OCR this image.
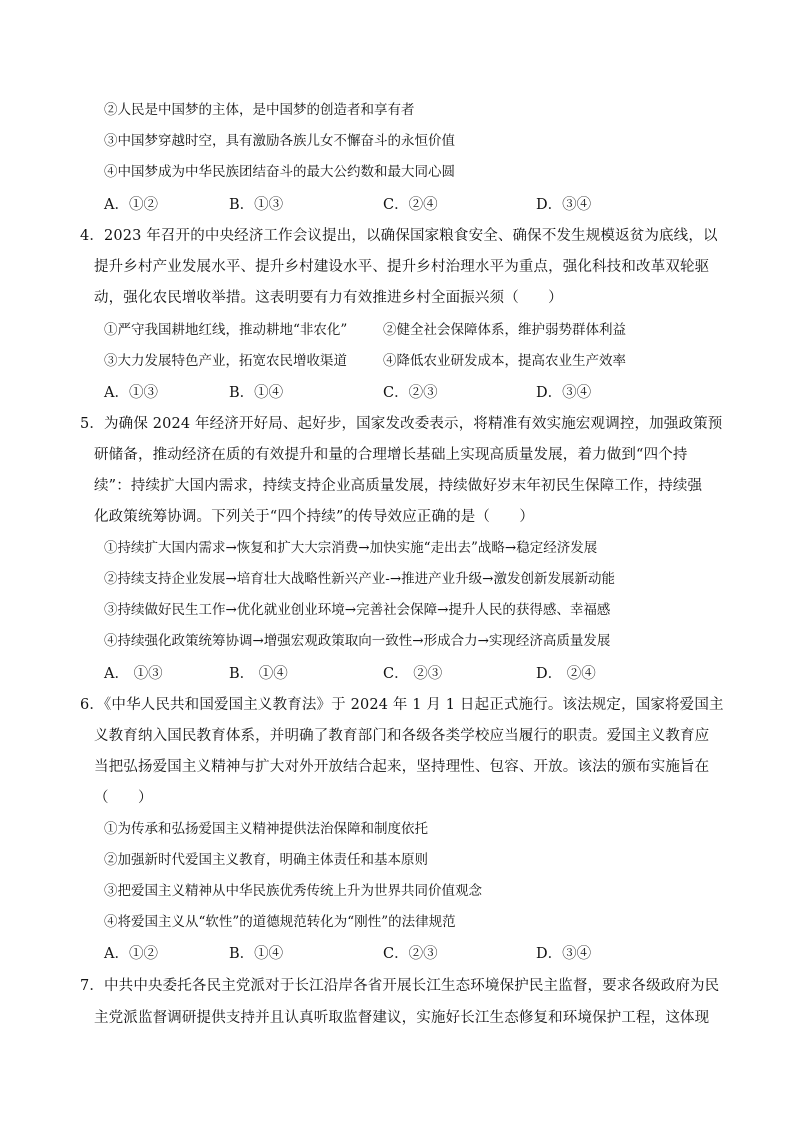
②人民是中国梦的主体，是中国梦的创造者和享有者
③中国梦穿越时空，具有激励各族儿女不懈奋斗的永恒价值
④中国梦成为中华民族团结奋斗的最大公约数和最大同心圆
A．①②	B．①③	C．②④	D．③④
4．2023 年召开的中央经济工作会议提出，以确保国家粮食安全、确保不发生规模返贫为底线，以
提升乡村产业发展水平、提升乡村建设水平、提升乡村治理水平为重点，强化科技和改革双轮驱
动，强化农民增收举措。这表明要有力有效推进乡村全面振兴须（　　）
①严守我国耕地红线，推动耕地“非农化”	②健全社会保障体系，维护弱势群体利益
③大力发展特色产业，拓宽农民增收渠道	④降低农业研发成本，提高农业生产效率
A．①③	B．①④	C．②③	D．③④
5．为确保 2024 年经济开好局、起好步，国家发改委表示，将精准有效实施宏观调控，加强政策预
研储备，推动经济在质的有效提升和量的合理增长基础上实现高质量发展，着力做到“四个持
续”：持续扩大国内需求，持续支持企业高质量发展，持续做好岁末年初民生保障工作，持续强
化政策统筹协调。下列关于“四个持续”的传导效应正确的是（　　）
①持续扩大国内需求→恢复和扩大大宗消费→加快实施“走出去”战略→稳定经济发展
②持续支持企业发展→培育壮大战略性新兴产业-→推进产业升级→激发创新发展新动能
③持续做好民生工作→优化就业创业环境→完善社会保障→提升人民的获得感、幸福感
④持续强化政策统筹协调→增强宏观政策取向一致性→形成合力→实现经济高质量发展
A． ①③	B． ①④	C． ②③	D． ②④
6．《中华人民共和国爱国主义教育法》于 2024 年 1 月 1 日起正式施行。该法规定，国家将爱国主
义教育纳入国民教育体系，并明确了教育部门和各级各类学校应当履行的职责。爱国主义教育应
当把弘扬爱国主义精神与扩大对外开放结合起来，坚持理性、包容、开放。该法的颁布实施旨在
（　　）
①为传承和弘扬爱国主义精神提供法治保障和制度依托
②加强新时代爱国主义教育，明确主体责任和基本原则
③把爱国主义精神从中华民族优秀传统上升为世界共同价值观念
④将爱国主义从“软性”的道德规范转化为“刚性”的法律规范
A．①②	B．①④	C．②③	D．③④
7．中共中央委托各民主党派对于长江沿岸各省开展长江生态环境保护民主监督，要求各级政府为民
主党派监督调研提供支持并且认真听取监督建议，实施好长江生态修复和环境保护工程，这体现
